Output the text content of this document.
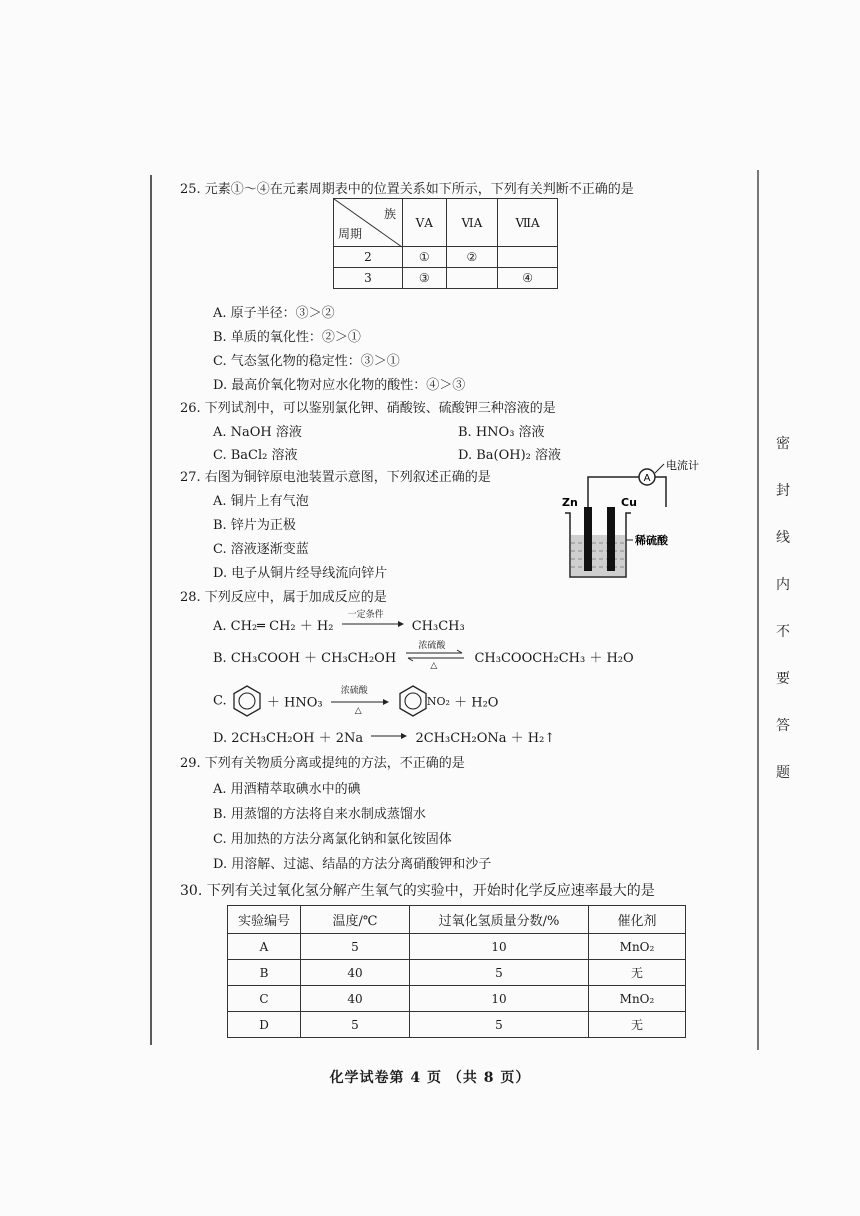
25. 元素①～④在元素周期表中的位置关系如下所示，下列有关判断不正确的是
族
周期	ⅤA	ⅥA	ⅦA
2	①	②	
3	③		④
A. 原子半径：③＞②
B. 单质的氧化性：②＞①
C. 气态氢化物的稳定性：③＞①
D. 最高价氧化物对应水化物的酸性：④＞③
26. 下列试剂中，可以鉴别氯化钾、硝酸铵、硫酸钾三种溶液的是
A. NaOH 溶液	B. HNO₃ 溶液
C. BaCl₂ 溶液	D. Ba(OH)₂ 溶液
27. 右图为铜锌原电池装置示意图，下列叙述正确的是
A. 铜片上有气泡
B. 锌片为正极
C. 溶液逐渐变蓝
D. 电子从铜片经导线流向锌片
A
电流计
Zn	Cu
稀硫酸
28. 下列反应中，属于加成反应的是
A. CH₂═ CH₂ ＋ H₂
一定条件
CH₃CH₃
B. CH₃COOH ＋ CH₃CH₂OH
浓硫酸
△	CH₃COOCH₂CH₃ ＋ H₂O
C.	＋ HNO₃
浓硫酸
△
NO₂ ＋ H₂O
D. 2CH₃CH₂OH ＋ 2Na → 2CH₃CH₂ONa ＋ H₂↑
29. 下列有关物质分离或提纯的方法，不正确的是
A. 用酒精萃取碘水中的碘
B. 用蒸馏的方法将自来水制成蒸馏水
C. 用加热的方法分离氯化钠和氯化铵固体
D. 用溶解、过滤、结晶的方法分离硝酸钾和沙子
30. 下列有关过氧化氢分解产生氧气的实验中，开始时化学反应速率最大的是
实验编号	温度/℃	过氧化氢质量分数/%	催化剂
A	5	10	MnO₂
B	40	5	无
C	40	10	MnO₂
D	5	5	无
密
封
线
内
不
要
答
题
化学试卷第 4 页 （共 8 页）
